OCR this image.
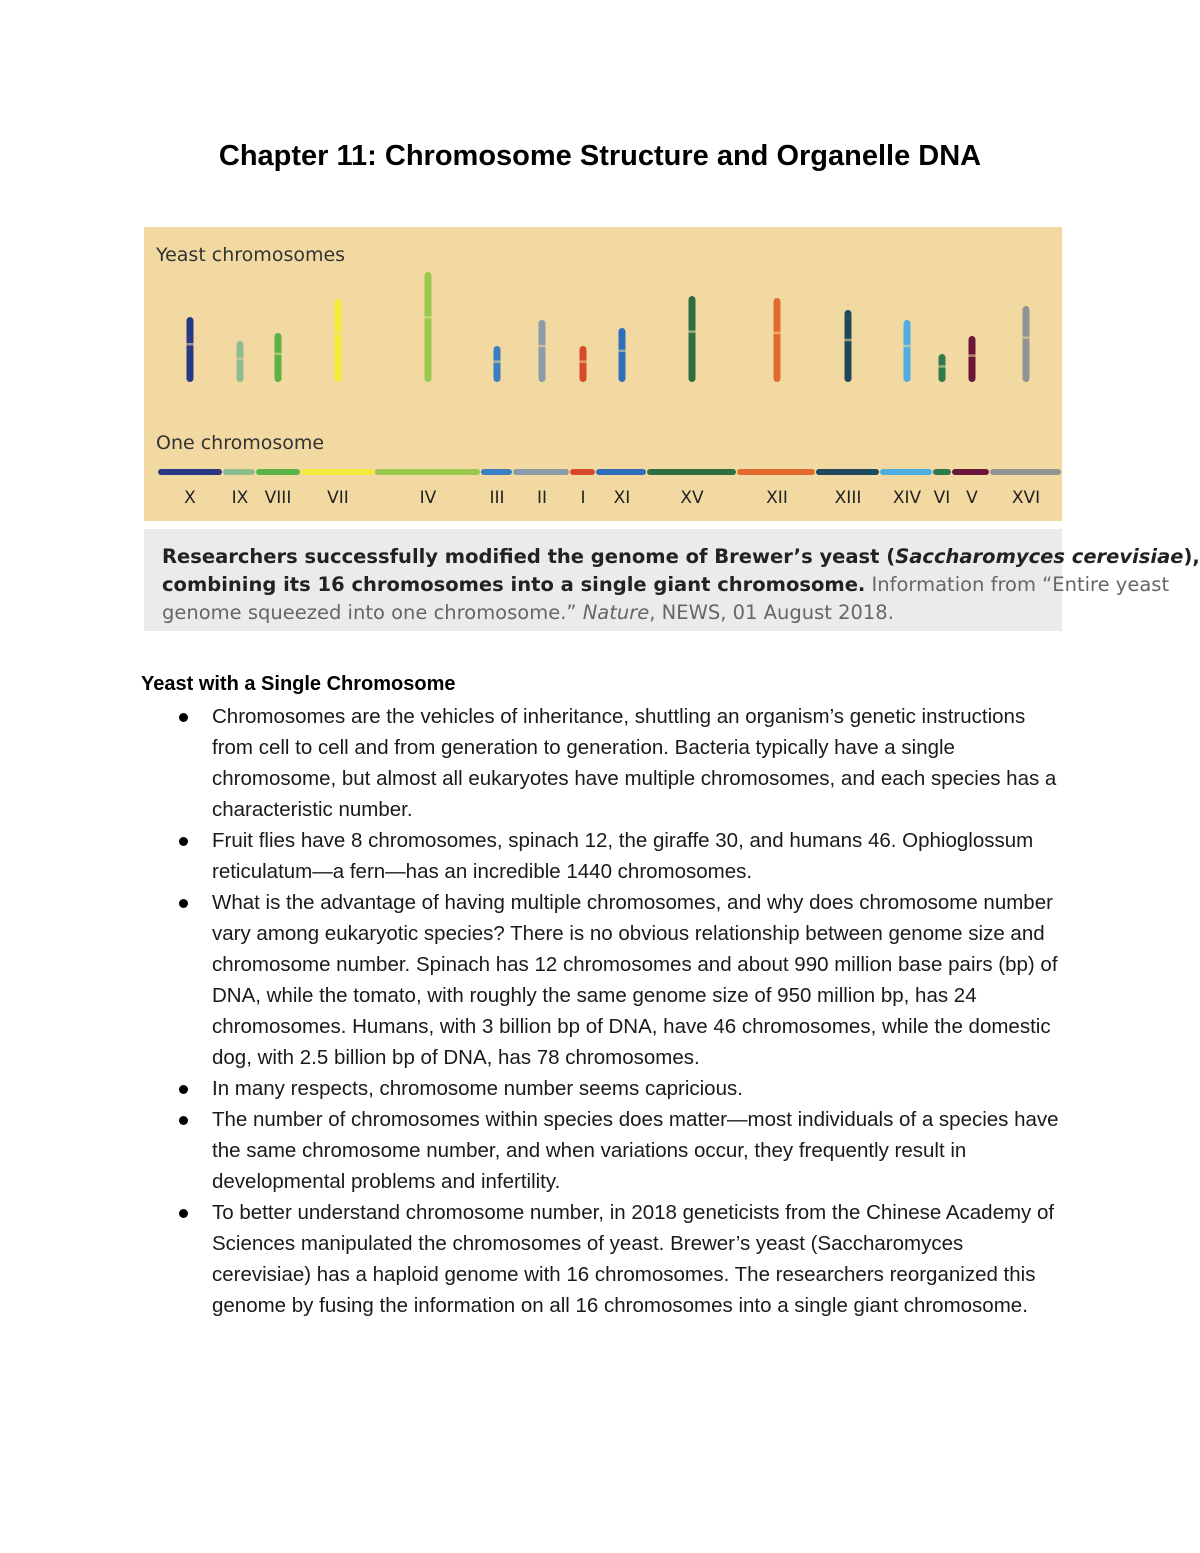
Chapter 11: Chromosome Structure and Organelle DNA
Yeast chromosomes
One chromosome
X IX VIII VII	IV	III II I XI	XV	XII	XIII XIV VI V XVI

Researchers successfully modified the genome of Brewer’s yeast (Saccharomyces cerevisiae),

combining its 16 chromosomes into a single giant chromosome. Information from “Entire yeast

genome squeezed into one chromosome.” Nature, NEWS, 01 August 2018.

Yeast with a Single Chromosome
Chromosomes are the vehicles of inheritance, shuttling an organism’s genetic instructions from cell to cell and from generation to generation. Bacteria typically have a single chromosome, but almost all eukaryotes have multiple chromosomes, and each species has a characteristic number.
Fruit flies have 8 chromosomes, spinach 12, the giraffe 30, and humans 46. Ophioglossum reticulatum—a fern—has an incredible 1440 chromosomes.
What is the advantage of having multiple chromosomes, and why does chromosome number vary among eukaryotic species? There is no obvious relationship between genome size and chromosome number. Spinach has 12 chromosomes and about 990 million base pairs (bp) of DNA, while the tomato, with roughly the same genome size of 950 million bp, has 24 chromosomes. Humans, with 3 billion bp of DNA, have 46 chromosomes, while the domestic dog, with 2.5 billion bp of DNA, has 78 chromosomes.
In many respects, chromosome number seems capricious.
The number of chromosomes within species does matter—most individuals of a species have the same chromosome number, and when variations occur, they frequently result in developmental problems and infertility.
To better understand chromosome number, in 2018 geneticists from the Chinese Academy of Sciences manipulated the chromosomes of yeast. Brewer’s yeast (Saccharomyces cerevisiae) has a haploid genome with 16 chromosomes. The researchers reorganized this genome by fusing the information on all 16 chromosomes into a single giant chromosome.
